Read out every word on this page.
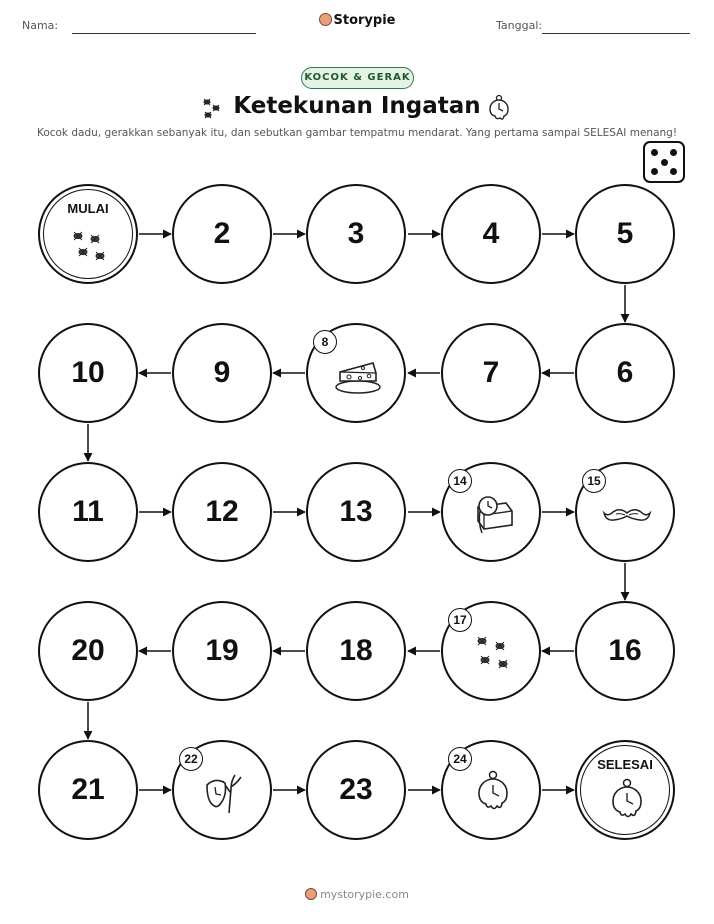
Nama:	Storypie	Tanggal:
KOCOK & GERAK
Ketekunan Ingatan
Kocok dadu, gerakkan sebanyak itu, dan sebutkan gambar tempatmu mendarat. Yang pertama sampai SELESAI menang!
MULAI
2	3	4	5
6
7
9
10
11	12	13
16
18
19
20
21	23
SELESAI
8
14	15
17
22	24
mystorypie.com
